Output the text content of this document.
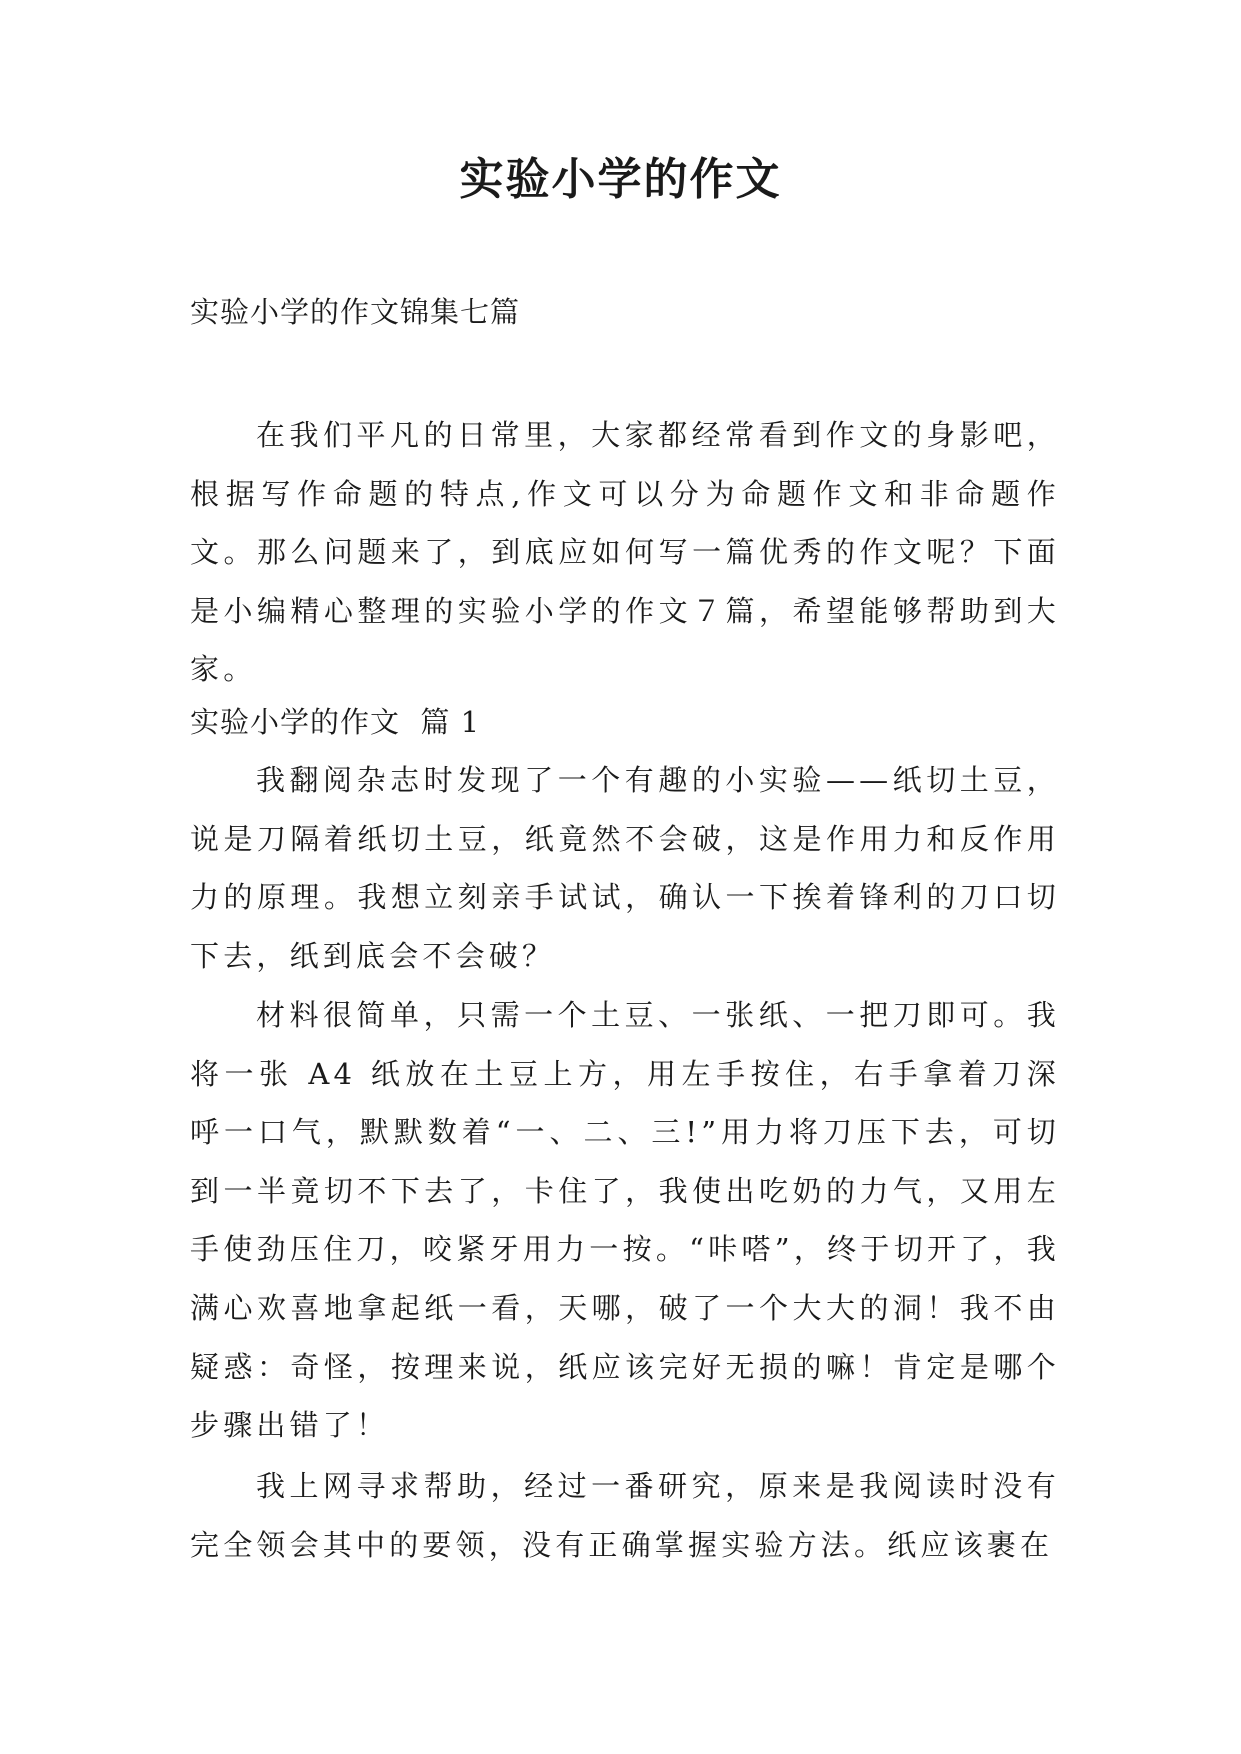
实验小学的作文

实验小学的作文锦集七篇

在我们平凡的日常里，大家都经常看到作文的身影吧，根据写作命题的特点,作文可以分为命题作文和非命题作文。那么问题来了，到底应如何写一篇优秀的作文呢？下面是小编精心整理的实验小学的作文７篇，希望能够帮助到大家。

实验小学的作文  篇 1

我翻阅杂志时发现了一个有趣的小实验——纸切土豆，说是刀隔着纸切土豆，纸竟然不会破，这是作用力和反作用力的原理。我想立刻亲手试试，确认一下挨着锋利的刀口切下去，纸到底会不会破？

材料很简单，只需一个土豆、一张纸、一把刀即可。我将一张 A4 纸放在土豆上方，用左手按住，右手拿着刀深呼一口气，默默数着“一、二、三!”用力将刀压下去，可切到一半竟切不下去了，卡住了，我使出吃奶的力气，又用左手使劲压住刀，咬紧牙用力一按。“咔嗒”，终于切开了，我满心欢喜地拿起纸一看，天哪，破了一个大大的洞！我不由疑惑：奇怪，按理来说，纸应该完好无损的嘛！肯定是哪个步骤出错了！

我上网寻求帮助，经过一番研究，原来是我阅读时没有完全领会其中的要领，没有正确掌握实验方法。纸应该裹在
